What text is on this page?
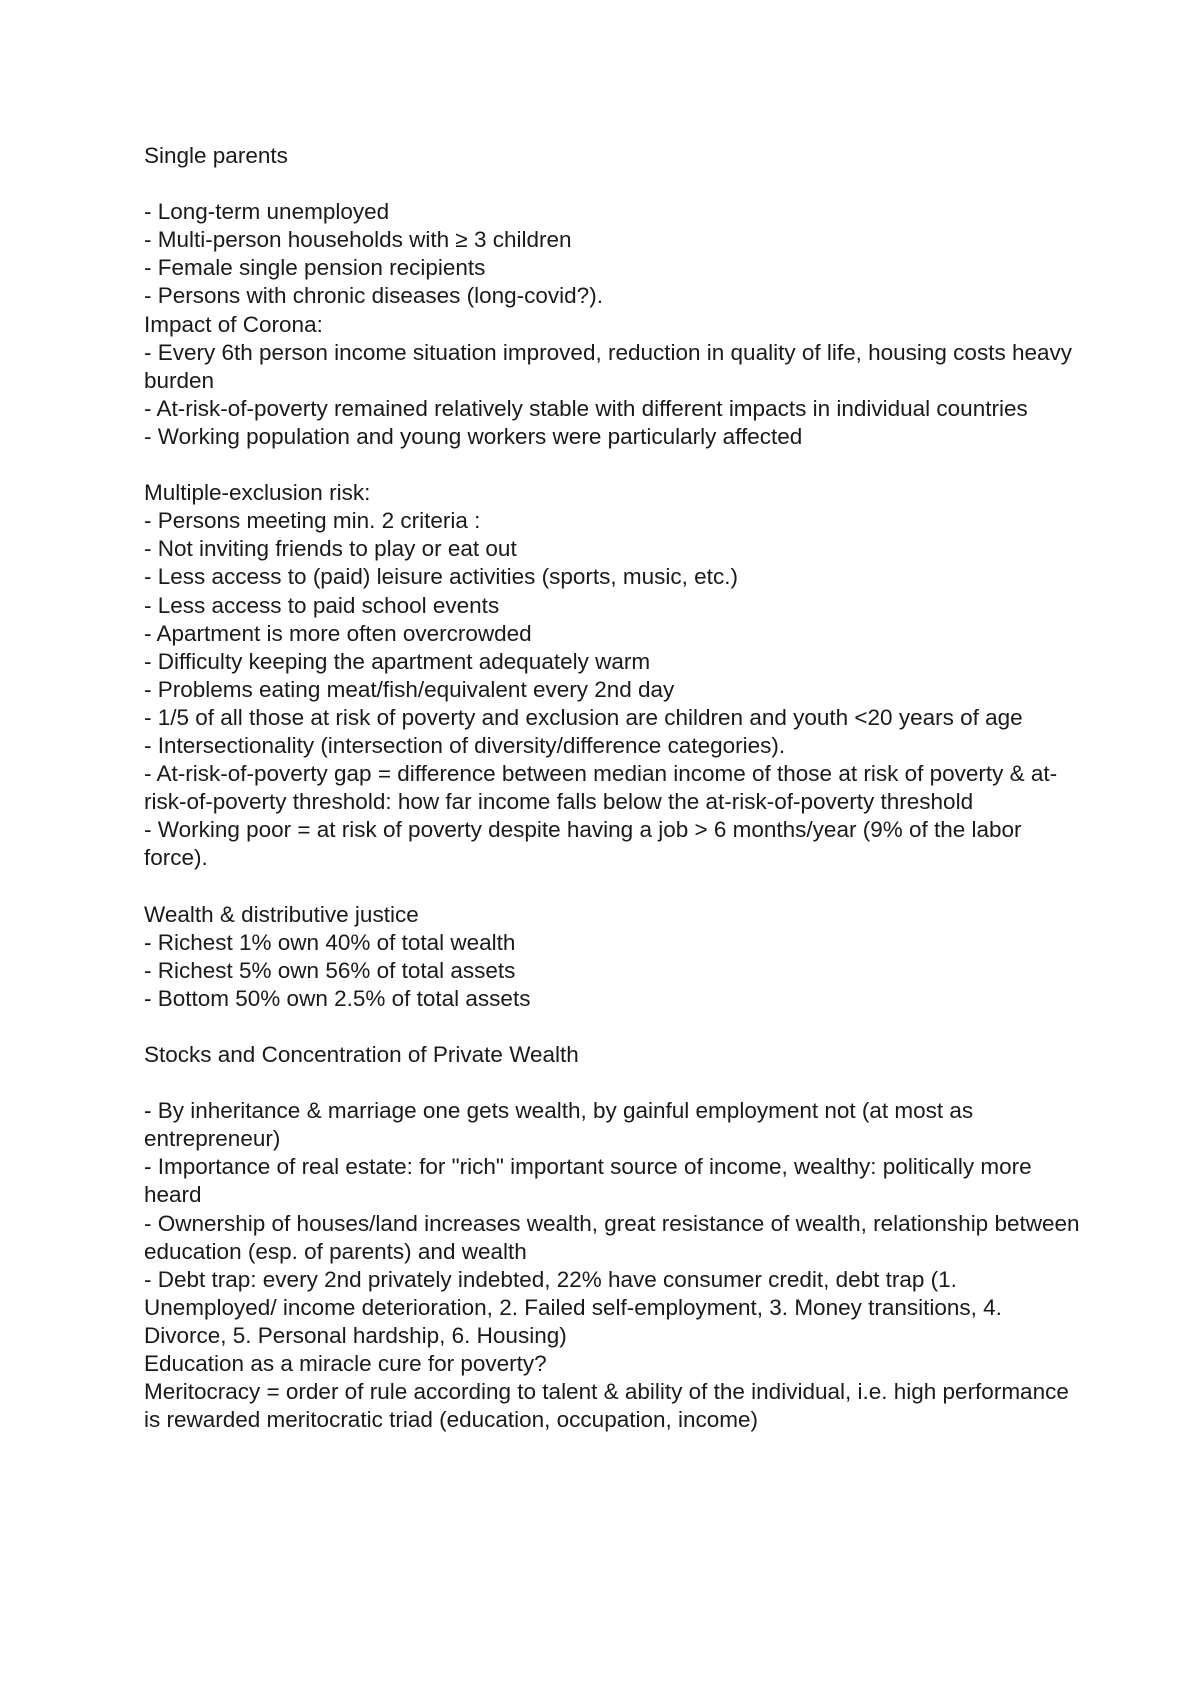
Single parents

- Long-term unemployed

- Multi-person households with ≥ 3 children

- Female single pension recipients

- Persons with chronic diseases (long-covid?).

Impact of Corona:

- Every 6th person income situation improved, reduction in quality of life, housing costs heavy burden

- At-risk-of-poverty remained relatively stable with different impacts in individual countries

- Working population and young workers were particularly affected

Multiple-exclusion risk:

- Persons meeting min. 2 criteria :

- Not inviting friends to play or eat out

- Less access to (paid) leisure activities (sports, music, etc.)

- Less access to paid school events

- Apartment is more often overcrowded

- Difficulty keeping the apartment adequately warm

- Problems eating meat/fish/equivalent every 2nd day

- 1/5 of all those at risk of poverty and exclusion are children and youth <20 years of age

- Intersectionality (intersection of diversity/difference categories).

- At-risk-of-poverty gap = difference between median income of those at risk of poverty & at-risk-of-poverty threshold: how far income falls below the at-risk-of-poverty threshold

- Working poor = at risk of poverty despite having a job > 6 months/year (9% of the labor force).

Wealth & distributive justice

- Richest 1% own 40% of total wealth

- Richest 5% own 56% of total assets

- Bottom 50% own 2.5% of total assets

Stocks and Concentration of Private Wealth

- By inheritance & marriage one gets wealth, by gainful employment not (at most as entrepreneur)

- Importance of real estate: for "rich" important source of income, wealthy: politically more heard

- Ownership of houses/land increases wealth, great resistance of wealth, relationship between education (esp. of parents) and wealth

- Debt trap: every 2nd privately indebted, 22% have consumer credit, debt trap (1. Unemployed/ income deterioration, 2. Failed self-employment, 3. Money transitions, 4. Divorce, 5. Personal hardship, 6. Housing)

Education as a miracle cure for poverty?

Meritocracy = order of rule according to talent & ability of the individual, i.e. high performance is rewarded meritocratic triad (education, occupation, income)
